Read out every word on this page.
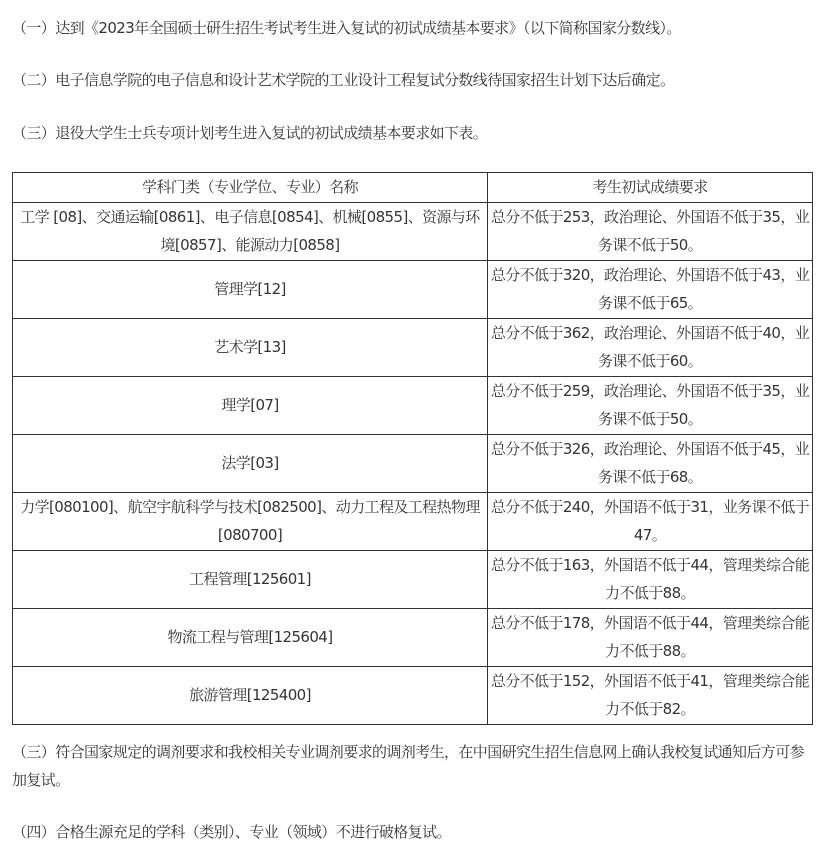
（一）达到《2023年全国硕士研生招生考试考生进入复试的初试成绩基本要求》（以下简称国家分数线）。

（二）电子信息学院的电子信息和设计艺术学院的工业设计工程复试分数线待国家招生计划下达后确定。

（三）退役大学生士兵专项计划考生进入复试的初试成绩基本要求如下表。

学科门类（专业学位、专业）名称	考生初试成绩要求
工学 [08]、交通运输[0861]、电子信息[0854]、机械[0855]、资源与环境[0857]、能源动力[0858]	总分不低于253，政治理论、外国语不低于35，业务课不低于50。
管理学[12]	总分不低于320，政治理论、外国语不低于43，业务课不低于65。
艺术学[13]	总分不低于362，政治理论、外国语不低于40，业务课不低于60。
理学[07]	总分不低于259，政治理论、外国语不低于35，业务课不低于50。
法学[03]	总分不低于326，政治理论、外国语不低于45，业务课不低于68。
力学[080100]、航空宇航科学与技术[082500]、动力工程及工程热物理[080700]	总分不低于240，外国语不低于31，业务课不低于47。
工程管理[125601]	总分不低于163，外国语不低于44，管理类综合能力不低于88。
物流工程与管理[125604]	总分不低于178，外国语不低于44，管理类综合能力不低于88。
旅游管理[125400]	总分不低于152，外国语不低于41，管理类综合能力不低于82。

（三）符合国家规定的调剂要求和我校相关专业调剂要求的调剂考生，在中国研究生招生信息网上确认我校复试通知后方可参加复试。

（四）合格生源充足的学科（类别）、专业（领域）不进行破格复试。
